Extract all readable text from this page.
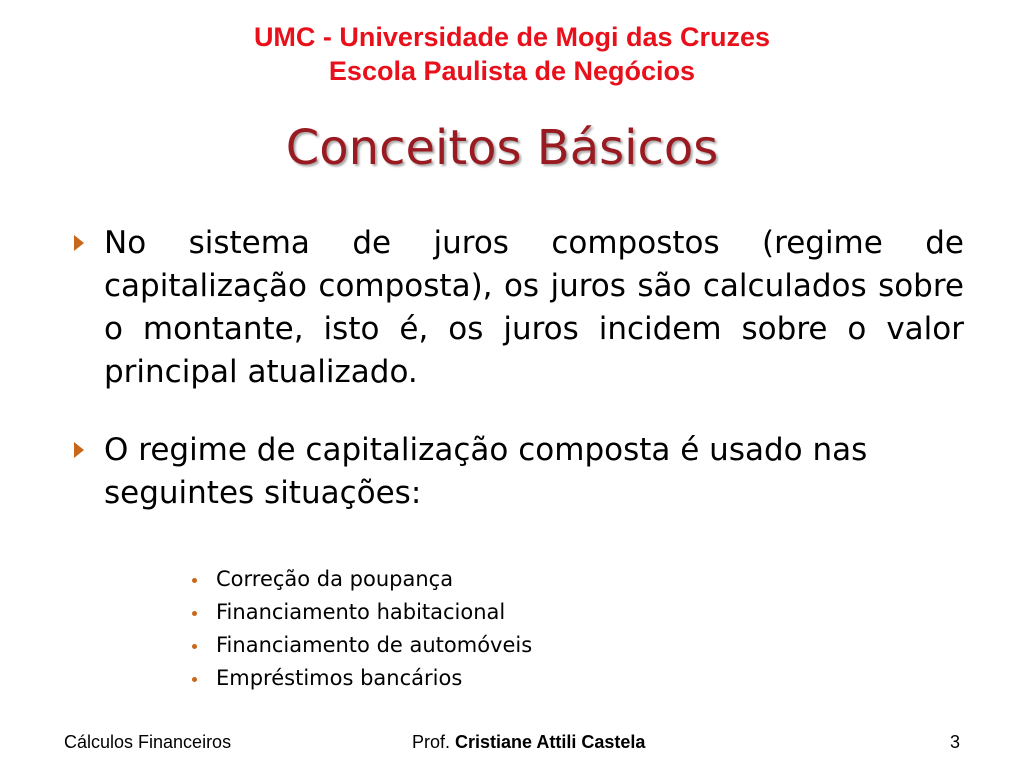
UMC - Universidade de Mogi das Cruzes
Escola Paulista de Negócios
Conceitos Básicos
No sistema de juros compostos (regime de capitalização composta), os juros são calculados sobre o montante, isto é, os juros incidem sobre o valor principal atualizado.
O regime de capitalização composta é usado nas seguintes situações:
Correção da poupança
Financiamento habitacional
Financiamento de automóveis
Empréstimos bancários
Cálculos Financeiros	Prof. Cristiane Attili Castela	3
